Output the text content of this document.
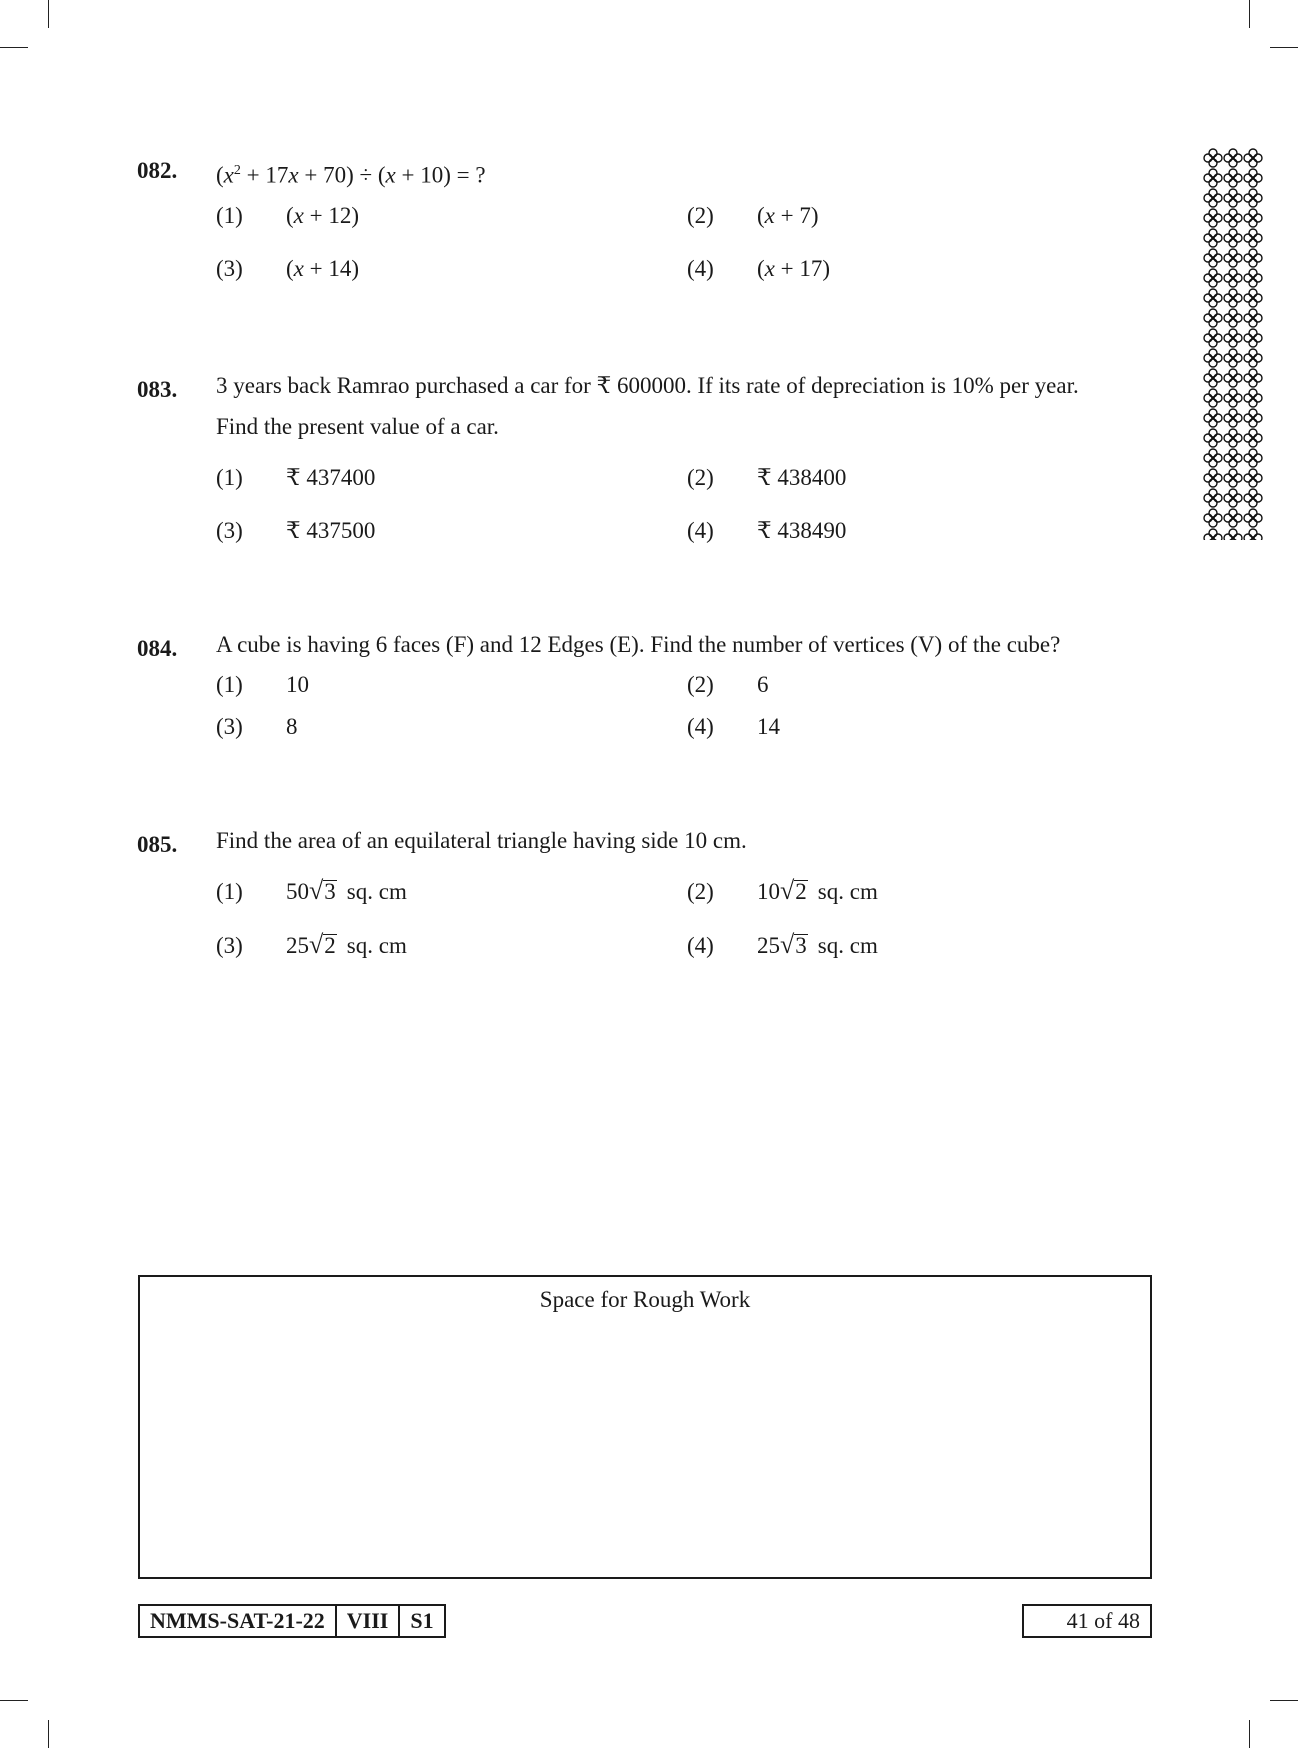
082. $(x^2 + 17x + 70) \div (x + 10)$ = ?
(1) (x + 12)	(2) (x + 7)
(3) (x + 14)	(4) (x + 17)
083. 3 years back Ramrao purchased a car for ₹ 600000. If its rate of depreciation is 10% per year.
Find the present value of a car.
(1) ₹ 437400	(2) ₹ 438400
(3) ₹ 437500	(4) ₹ 438490
084. A cube is having 6 faces (F) and 12 Edges (E). Find the number of vertices (V) of the cube?
(1) 10	(2) 6
(3) 8	(4) 14
085. Find the area of an equilateral triangle having side 10 cm.
(1) 50√3 sq. cm	(2) 10√2 sq. cm
(3) 25√2 sq. cm	(4) 25√3 sq. cm
Space for Rough Work
NMMS-SAT-21-22	VIII	S1	41 of 48
